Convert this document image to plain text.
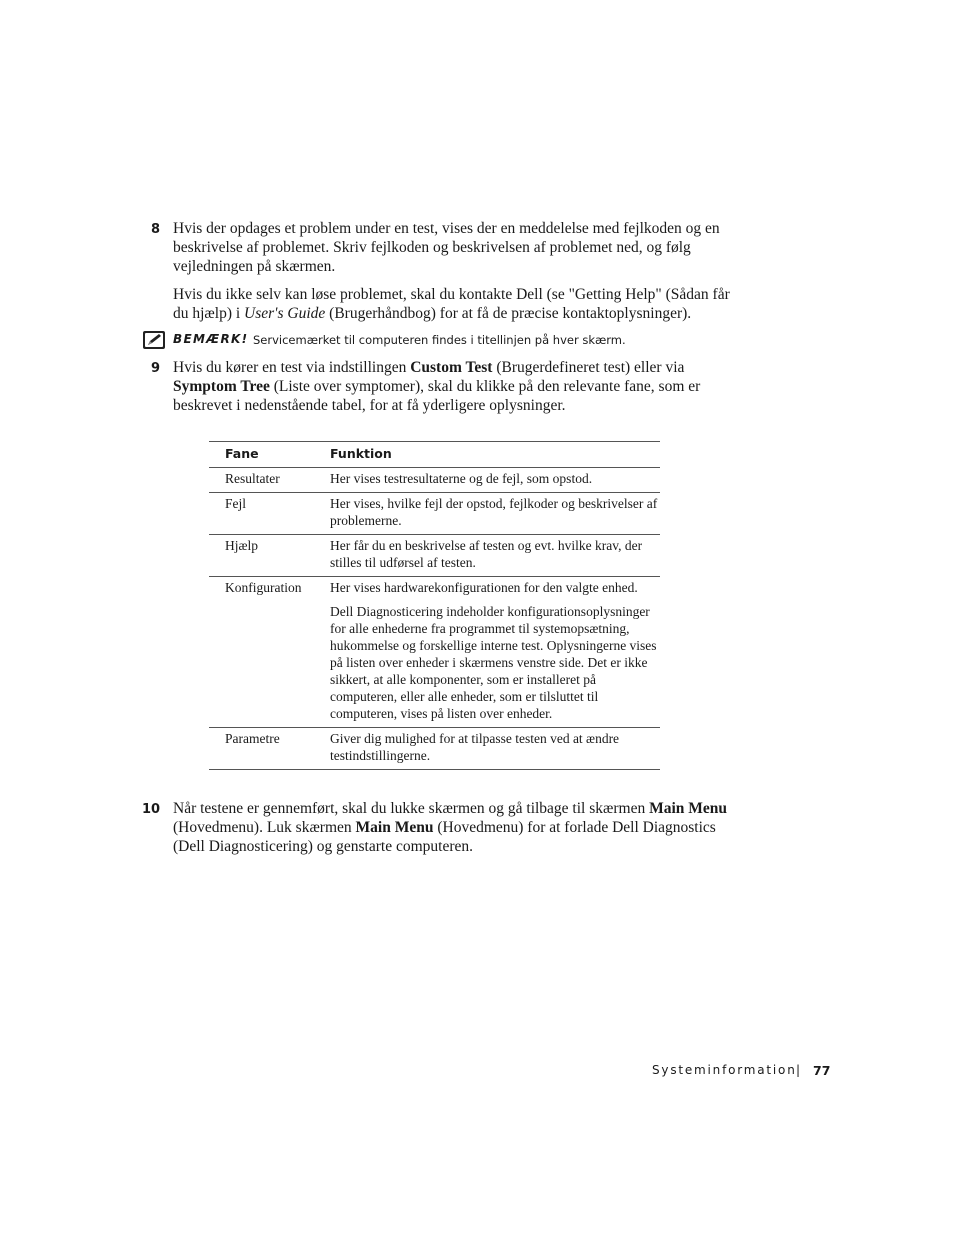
8 Hvis der opdages et problem under en test, vises der en meddelelse med fejlkoden og en beskrivelse af problemet. Skriv fejlkoden og beskrivelsen af problemet ned, og følg vejledningen på skærmen.
Hvis du ikke selv kan løse problemet, skal du kontakte Dell (se "Getting Help" (Sådan får du hjælp) i User's Guide (Brugerhåndbog) for at få de præcise kontaktoplysninger).
BEMÆRK! Servicemærket til computeren findes i titellinjen på hver skærm.
9 Hvis du kører en test via indstillingen Custom Test (Brugerdefineret test) eller via Symptom Tree (Liste over symptomer), skal du klikke på den relevante fane, som er beskrevet i nedenstående tabel, for at få yderligere oplysninger.
Fane	Funktion
Resultater	Her vises testresultaterne og de fejl, som opstod.

Fejl	Her vises, hvilke fejl der opstod, fejlkoder og beskrivelser af problemerne.

Hjælp	Her får du en beskrivelse af testen og evt. hvilke krav, der stilles til udførsel af testen.

Konfiguration	Her vises hardwarekonfigurationen for den valgte enhed.

Dell Diagnosticering indeholder konfigurationsoplysninger for alle enhederne fra programmet til systemopsætning, hukommelse og forskellige interne test. Oplysningerne vises på listen over enheder i skærmens venstre side. Det er ikke sikkert, at alle komponenter, som er installeret på computeren, eller alle enheder, som er tilsluttet til computeren, vises på listen over enheder.

Parametre	Giver dig mulighed for at tilpasse testen ved at ændre testindstillingerne.

10 Når testene er gennemført, skal du lukke skærmen og gå tilbage til skærmen Main Menu (Hovedmenu). Luk skærmen Main Menu (Hovedmenu) for at forlade Dell Diagnostics (Dell Diagnosticering) og genstarte computeren.
Systeminformation | 77
